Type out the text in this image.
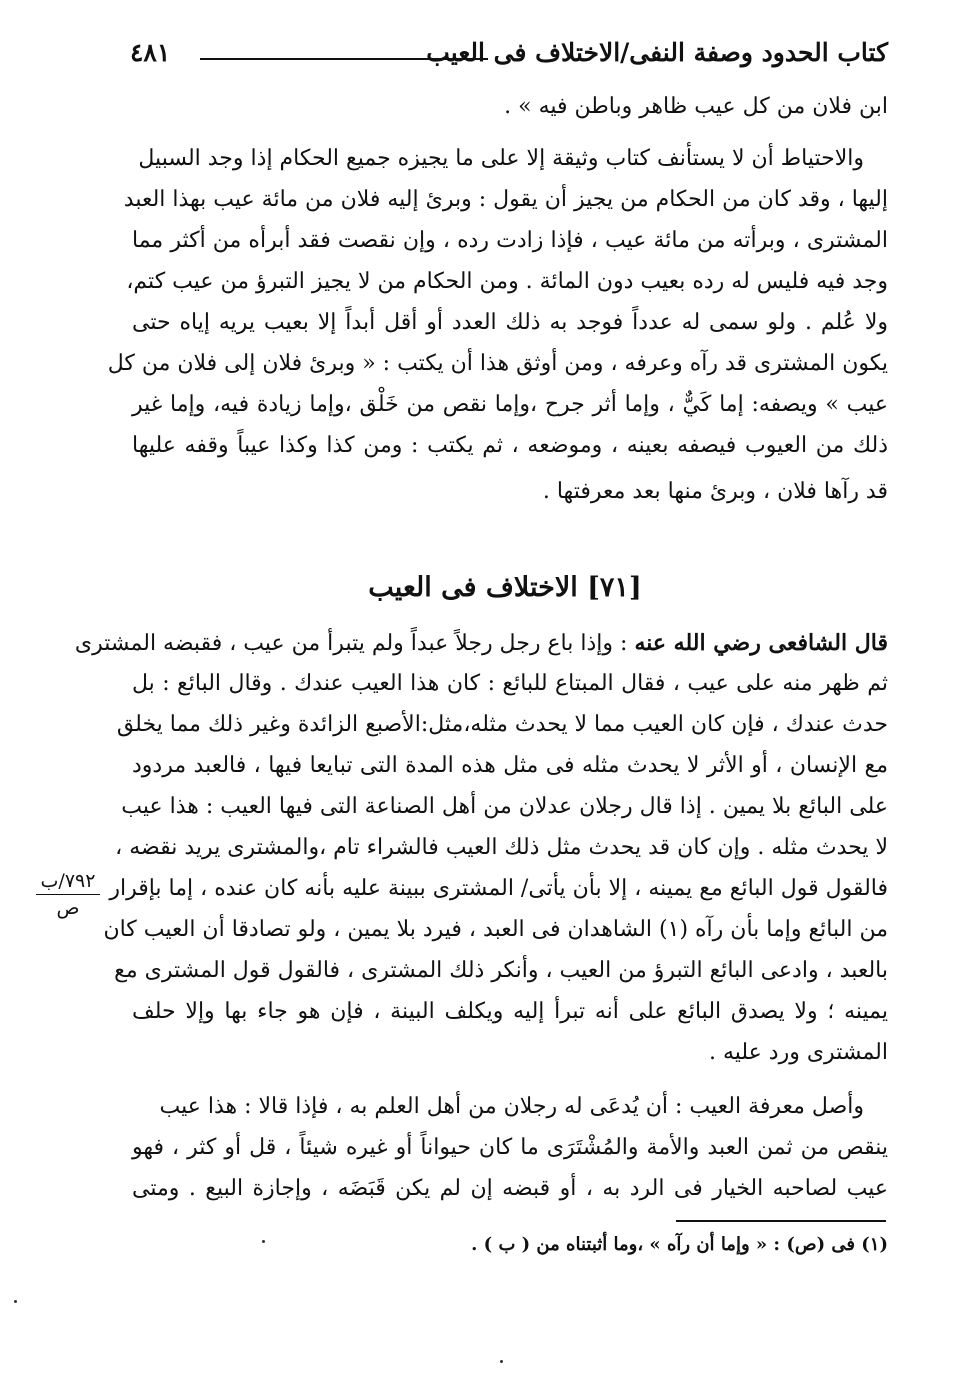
كتاب الحدود وصفة النفى/الاختلاف فى العيب
٤٨١
ابن فلان من كل عيب ظاهر وباطن فيه » .
والاحتياط أن لا يستأنف كتاب وثيقة إلا على ما يجيزه جميع الحكام إذا وجد السبيل
إليها ، وقد كان من الحكام من يجيز أن يقول : وبرئ إليه فلان من مائة عيب بهذا العبد
المشترى ، وبرأته من مائة عيب ، فإذا زادت رده ، وإن نقصت فقد أبرأه من أكثر مما
وجد فيه فليس له رده بعيب دون المائة . ومن الحكام من لا يجيز التبرؤ من عيب كتم،
ولا عُلم . ولو سمى له عدداً فوجد به ذلك العدد أو أقل أبداً إلا بعيب يريه إياه حتى
يكون المشترى قد رآه وعرفه ، ومن أوثق هذا أن يكتب : « وبرئ فلان إلى فلان من كل
عيب » ويصفه: إما كَيٌّ ، وإما أثر جرح ،وإما نقص من خَلْق ،وإما زيادة فيه، وإما غير
ذلك من العيوب فيصفه بعينه ، وموضعه ، ثم يكتب : ومن كذا وكذا عيباً وقفه عليها
قد رآها فلان ، وبرئ منها بعد معرفتها .
[٧١] الاختلاف فى العيب
قال الشافعى رضي الله عنه : وإذا باع رجل رجلاً عبداً ولم يتبرأ من عيب ، فقبضه المشترى
ثم ظهر منه على عيب ، فقال المبتاع للبائع : كان هذا العيب عندك . وقال البائع : بل
حدث عندك ، فإن كان العيب مما لا يحدث مثله،مثل:الأصبع الزائدة وغير ذلك مما يخلق
مع الإنسان ، أو الأثر لا يحدث مثله فى مثل هذه المدة التى تبايعا فيها ، فالعبد مردود
على البائع بلا يمين . إذا قال رجلان عدلان من أهل الصناعة التى فيها العيب : هذا عيب
لا يحدث مثله . وإن كان قد يحدث مثل ذلك العيب فالشراء تام ،والمشترى يريد نقضه ،
فالقول قول البائع مع يمينه ، إلا بأن يأتى/ المشترى ببينة عليه بأنه كان عنده ، إما بإقرار
من البائع وإما بأن رآه (١) الشاهدان فى العبد ، فيرد بلا يمين ، ولو تصادقا أن العيب كان
بالعبد ، وادعى البائع التبرؤ من العيب ، وأنكر ذلك المشترى ، فالقول قول المشترى مع
يمينه ؛ ولا يصدق البائع على أنه تبرأ إليه ويكلف البينة ، فإن هو جاء بها وإلا حلف
المشترى ورد عليه .
وأصل معرفة العيب : أن يُدعَى له رجلان من أهل العلم به ، فإذا قالا : هذا عيب
ينقص من ثمن العبد والأمة والمُشْتَرَى ما كان حيواناً أو غيره شيئاً ، قل أو كثر ، فهو
عيب لصاحبه الخيار فى الرد به ، أو قبضه إن لم يكن قَبَضَه ، وإجازة البيع . ومتى
٧٩٢/ب
ص
(١) فى (ص) : « وإما أن رآه » ،وما أثبتناه من ( ب ) .
